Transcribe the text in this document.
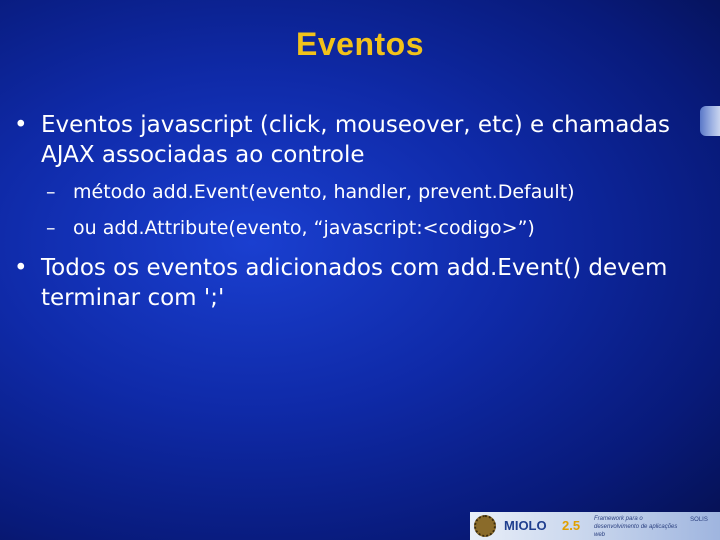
Eventos
• Eventos javascript (click, mouseover, etc) e chamadas
AJAX associadas ao controle
– método add.Event(evento, handler, prevent.Default)
– ou add.Attribute(evento, “javascript:<codigo>”)
• Todos os eventos adicionados com add.Event() devem
terminar com ';'
MIOLO 2.5 Framework para o desenvolvimento de aplicações web
SOLIS
